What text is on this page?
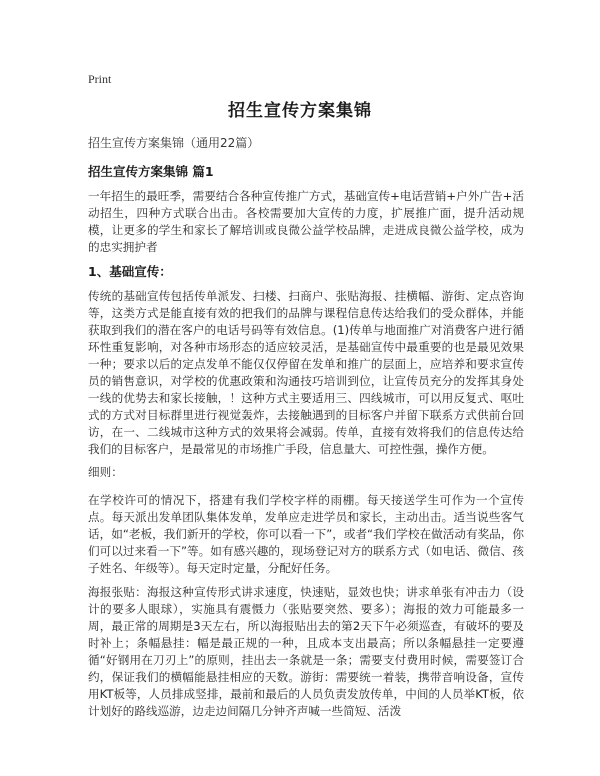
Print
招生宣传方案集锦

招生宣传方案集锦（通用22篇）

招生宣传方案集锦 篇1

一年招生的最旺季，需要结合各种宣传推广方式，基础宣传+电话营销+户外广告+活动招生，四种方式联合出击。各校需要加大宣传的力度，扩展推广面，提升活动规模，让更多的学生和家长了解培训或良微公益学校品牌，走进成良微公益学校，成为的忠实拥护者

1、基础宣传：

传统的基础宣传包括传单派发、扫楼、扫商户、张贴海报、挂横幅、游街、定点咨询等，这类方式是能直接有效的把我们的品牌与课程信息传达给我们的受众群体，并能获取到我们的潜在客户的电话号码等有效信息。(1)传单与地面推广对消费客户进行循环性重复影响，对各种市场形态的适应较灵活，是基础宣传中最重要的也是最见效果一种；要求以后的定点发单不能仅仅停留在发单和推广的层面上，应培养和要求宣传员的销售意识，对学校的优惠政策和沟通技巧培训到位，让宣传员充分的发挥其身处一线的优势去和家长接触，！这种方式主要适用三、四线城市，可以用反复式、呕吐式的方式对目标群里进行视觉轰炸，去接触遇到的目标客户并留下联系方式供前台回访，在一、二线城市这种方式的效果将会减弱。传单，直接有效将我们的信息传达给我们的目标客户，是最常见的市场推广手段，信息量大、可控性强，操作方便。

细则：

在学校许可的情况下，搭建有我们学校字样的雨棚。每天接送学生可作为一个宣传点。每天派出发单团队集体发单，发单应走进学员和家长，主动出击。适当说些客气话，如“老板，我们新开的学校，你可以看一下”，或者“我们学校在做活动有奖品，你们可以过来看一下”等。如有感兴趣的，现场登记对方的联系方式（如电话、微信、孩子姓名、年级等）。每天定时定量，分配好任务。

海报张贴：海报这种宣传形式讲求速度，快速贴，显效也快；讲求单张有冲击力（设计的要多人眼球），实施具有震慑力（张贴要突然、要多）；海报的效力可能最多一周，最正常的周期是3天左右，所以海报贴出去的第2天下午必须巡查，有破坏的要及时补上；条幅悬挂：幅是最正规的一种，且成本支出最高；所以条幅悬挂一定要遵循“好钢用在刀刃上”的原则，挂出去一条就是一条；需要支付费用时候，需要签订合约，保证我们的横幅能悬挂相应的天数。游街：需要统一着装，携带音响设备，宣传用KT板等，人员排成竖排，最前和最后的人员负责发放传单，中间的人员举KT板，依计划好的路线巡游，边走边间隔几分钟齐声喊一些简短、活泼
